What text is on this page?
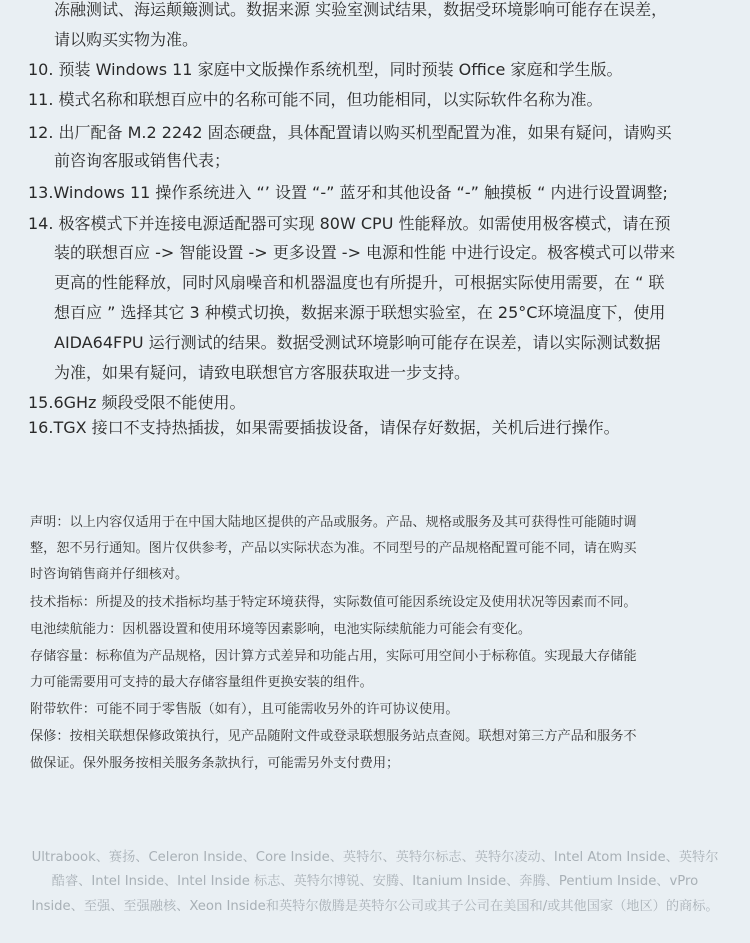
冻融测试、海运颠簸测试。数据来源 实验室测试结果，数据受环境影响可能存在误差，
请以购买实物为准。
10. 预装 Windows 11 家庭中文版操作系统机型，同时预装 Office 家庭和学生版。
11. 模式名称和联想百应中的名称可能不同，但功能相同，以实际软件名称为准。
12. 出厂配备 M.2 2242 固态硬盘，具体配置请以购买机型配置为准，如果有疑问，请购买
前咨询客服或销售代表；
13.Windows 11 操作系统进入 “’ 设置 “-” 蓝牙和其他设备 “-” 触摸板 “ 内进行设置调整;
14. 极客模式下并连接电源适配器可实现 80W CPU 性能释放。如需使用极客模式，请在预
装的联想百应 -> 智能设置 -> 更多设置 -> 电源和性能 中进行设定。极客模式可以带来
更高的性能释放，同时风扇噪音和机器温度也有所提升，可根据实际使用需要，在 “ 联
想百应 ” 选择其它 3 种模式切换，数据来源于联想实验室，在 25°C环境温度下，使用
AIDA64FPU 运行测试的结果。数据受测试环境影响可能存在误差，请以实际测试数据
为准，如果有疑问，请致电联想官方客服获取进一步支持。
15.6GHz 频段受限不能使用。
16.TGX 接口不支持热插拔，如果需要插拔设备，请保存好数据，关机后进行操作。
声明：以上内容仅适用于在中国大陆地区提供的产品或服务。产品、规格或服务及其可获得性可能随时调
整，恕不另行通知。图片仅供参考，产品以实际状态为准。不同型号的产品规格配置可能不同，请在购买
时咨询销售商并仔细核对。
技术指标：所提及的技术指标均基于特定环境获得，实际数值可能因系统设定及使用状况等因素而不同。
电池续航能力：因机器设置和使用环境等因素影响，电池实际续航能力可能会有变化。
存储容量：标称值为产品规格，因计算方式差异和功能占用，实际可用空间小于标称值。实现最大存储能
力可能需要用可支持的最大存储容量组件更换安装的组件。
附带软件：可能不同于零售版（如有），且可能需收另外的许可协议使用。
保修：按相关联想保修政策执行，见产品随附文件或登录联想服务站点查阅。联想对第三方产品和服务不
做保证。保外服务按相关服务条款执行，可能需另外支付费用；
Ultrabook、赛扬、Celeron Inside、Core Inside、英特尔、英特尔标志、英特尔凌动、Intel Atom Inside、英特尔
酷睿、Intel Inside、Intel Inside 标志、英特尔博锐、安腾、Itanium Inside、奔腾、Pentium Inside、vPro
Inside、至强、至强融核、Xeon Inside和英特尔傲腾是英特尔公司或其子公司在美国和/或其他国家（地区）的商标。
